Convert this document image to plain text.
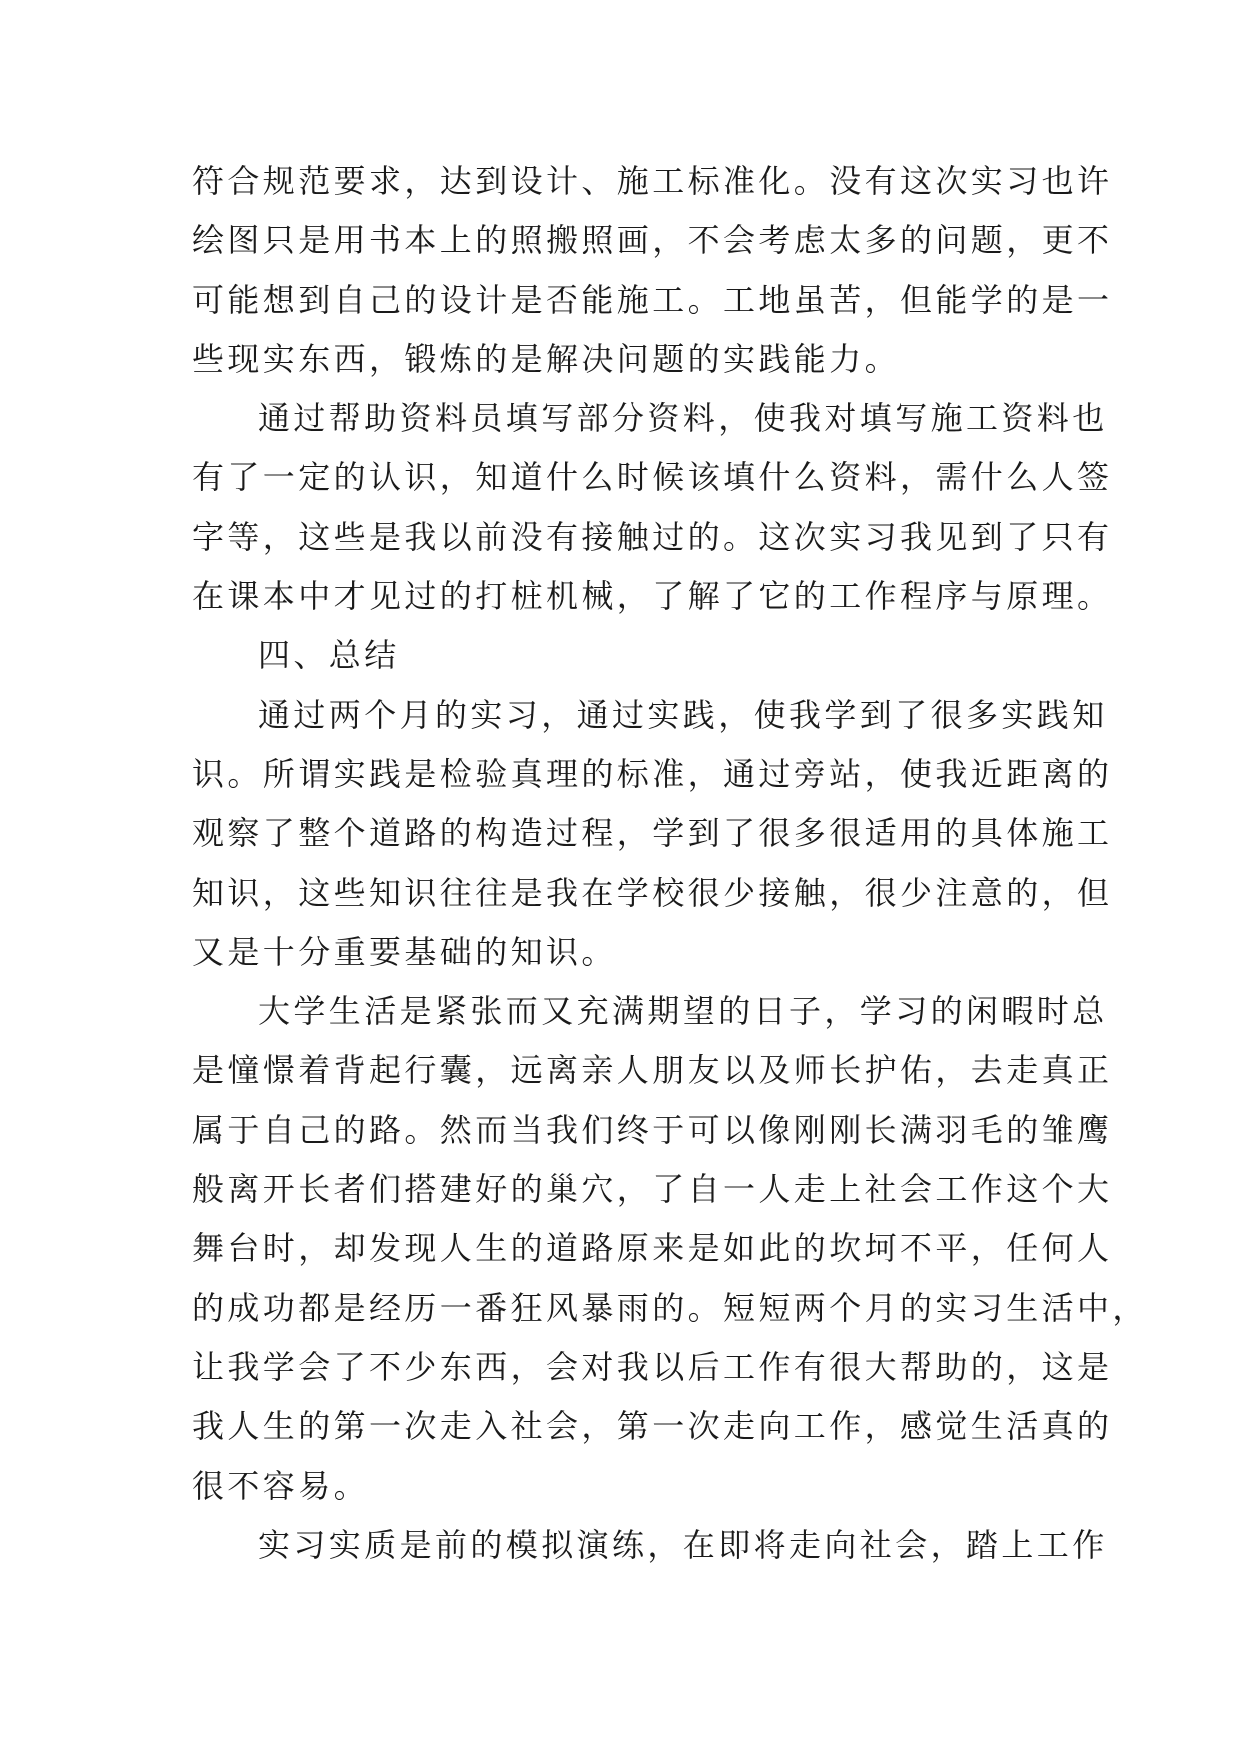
符合规范要求，达到设计、施工标准化。没有这次实习也许
绘图只是用书本上的照搬照画，不会考虑太多的问题，更不
可能想到自己的设计是否能施工。工地虽苦，但能学的是一
些现实东西，锻炼的是解决问题的实践能力。
通过帮助资料员填写部分资料，使我对填写施工资料也
有了一定的认识，知道什么时候该填什么资料，需什么人签
字等，这些是我以前没有接触过的。这次实习我见到了只有
在课本中才见过的打桩机械，了解了它的工作程序与原理。
四、总结
通过两个月的实习，通过实践，使我学到了很多实践知
识。所谓实践是检验真理的标准，通过旁站，使我近距离的
观察了整个道路的构造过程，学到了很多很适用的具体施工
知识，这些知识往往是我在学校很少接触，很少注意的，但
又是十分重要基础的知识。
大学生活是紧张而又充满期望的日子，学习的闲暇时总
是憧憬着背起行囊，远离亲人朋友以及师长护佑，去走真正
属于自己的路。然而当我们终于可以像刚刚长满羽毛的雏鹰
般离开长者们搭建好的巢穴，了自一人走上社会工作这个大
舞台时，却发现人生的道路原来是如此的坎坷不平，任何人
的成功都是经历一番狂风暴雨的。短短两个月的实习生活中，
让我学会了不少东西，会对我以后工作有很大帮助的，这是
我人生的第一次走入社会，第一次走向工作，感觉生活真的
很不容易。
实习实质是前的模拟演练，在即将走向社会，踏上工作
